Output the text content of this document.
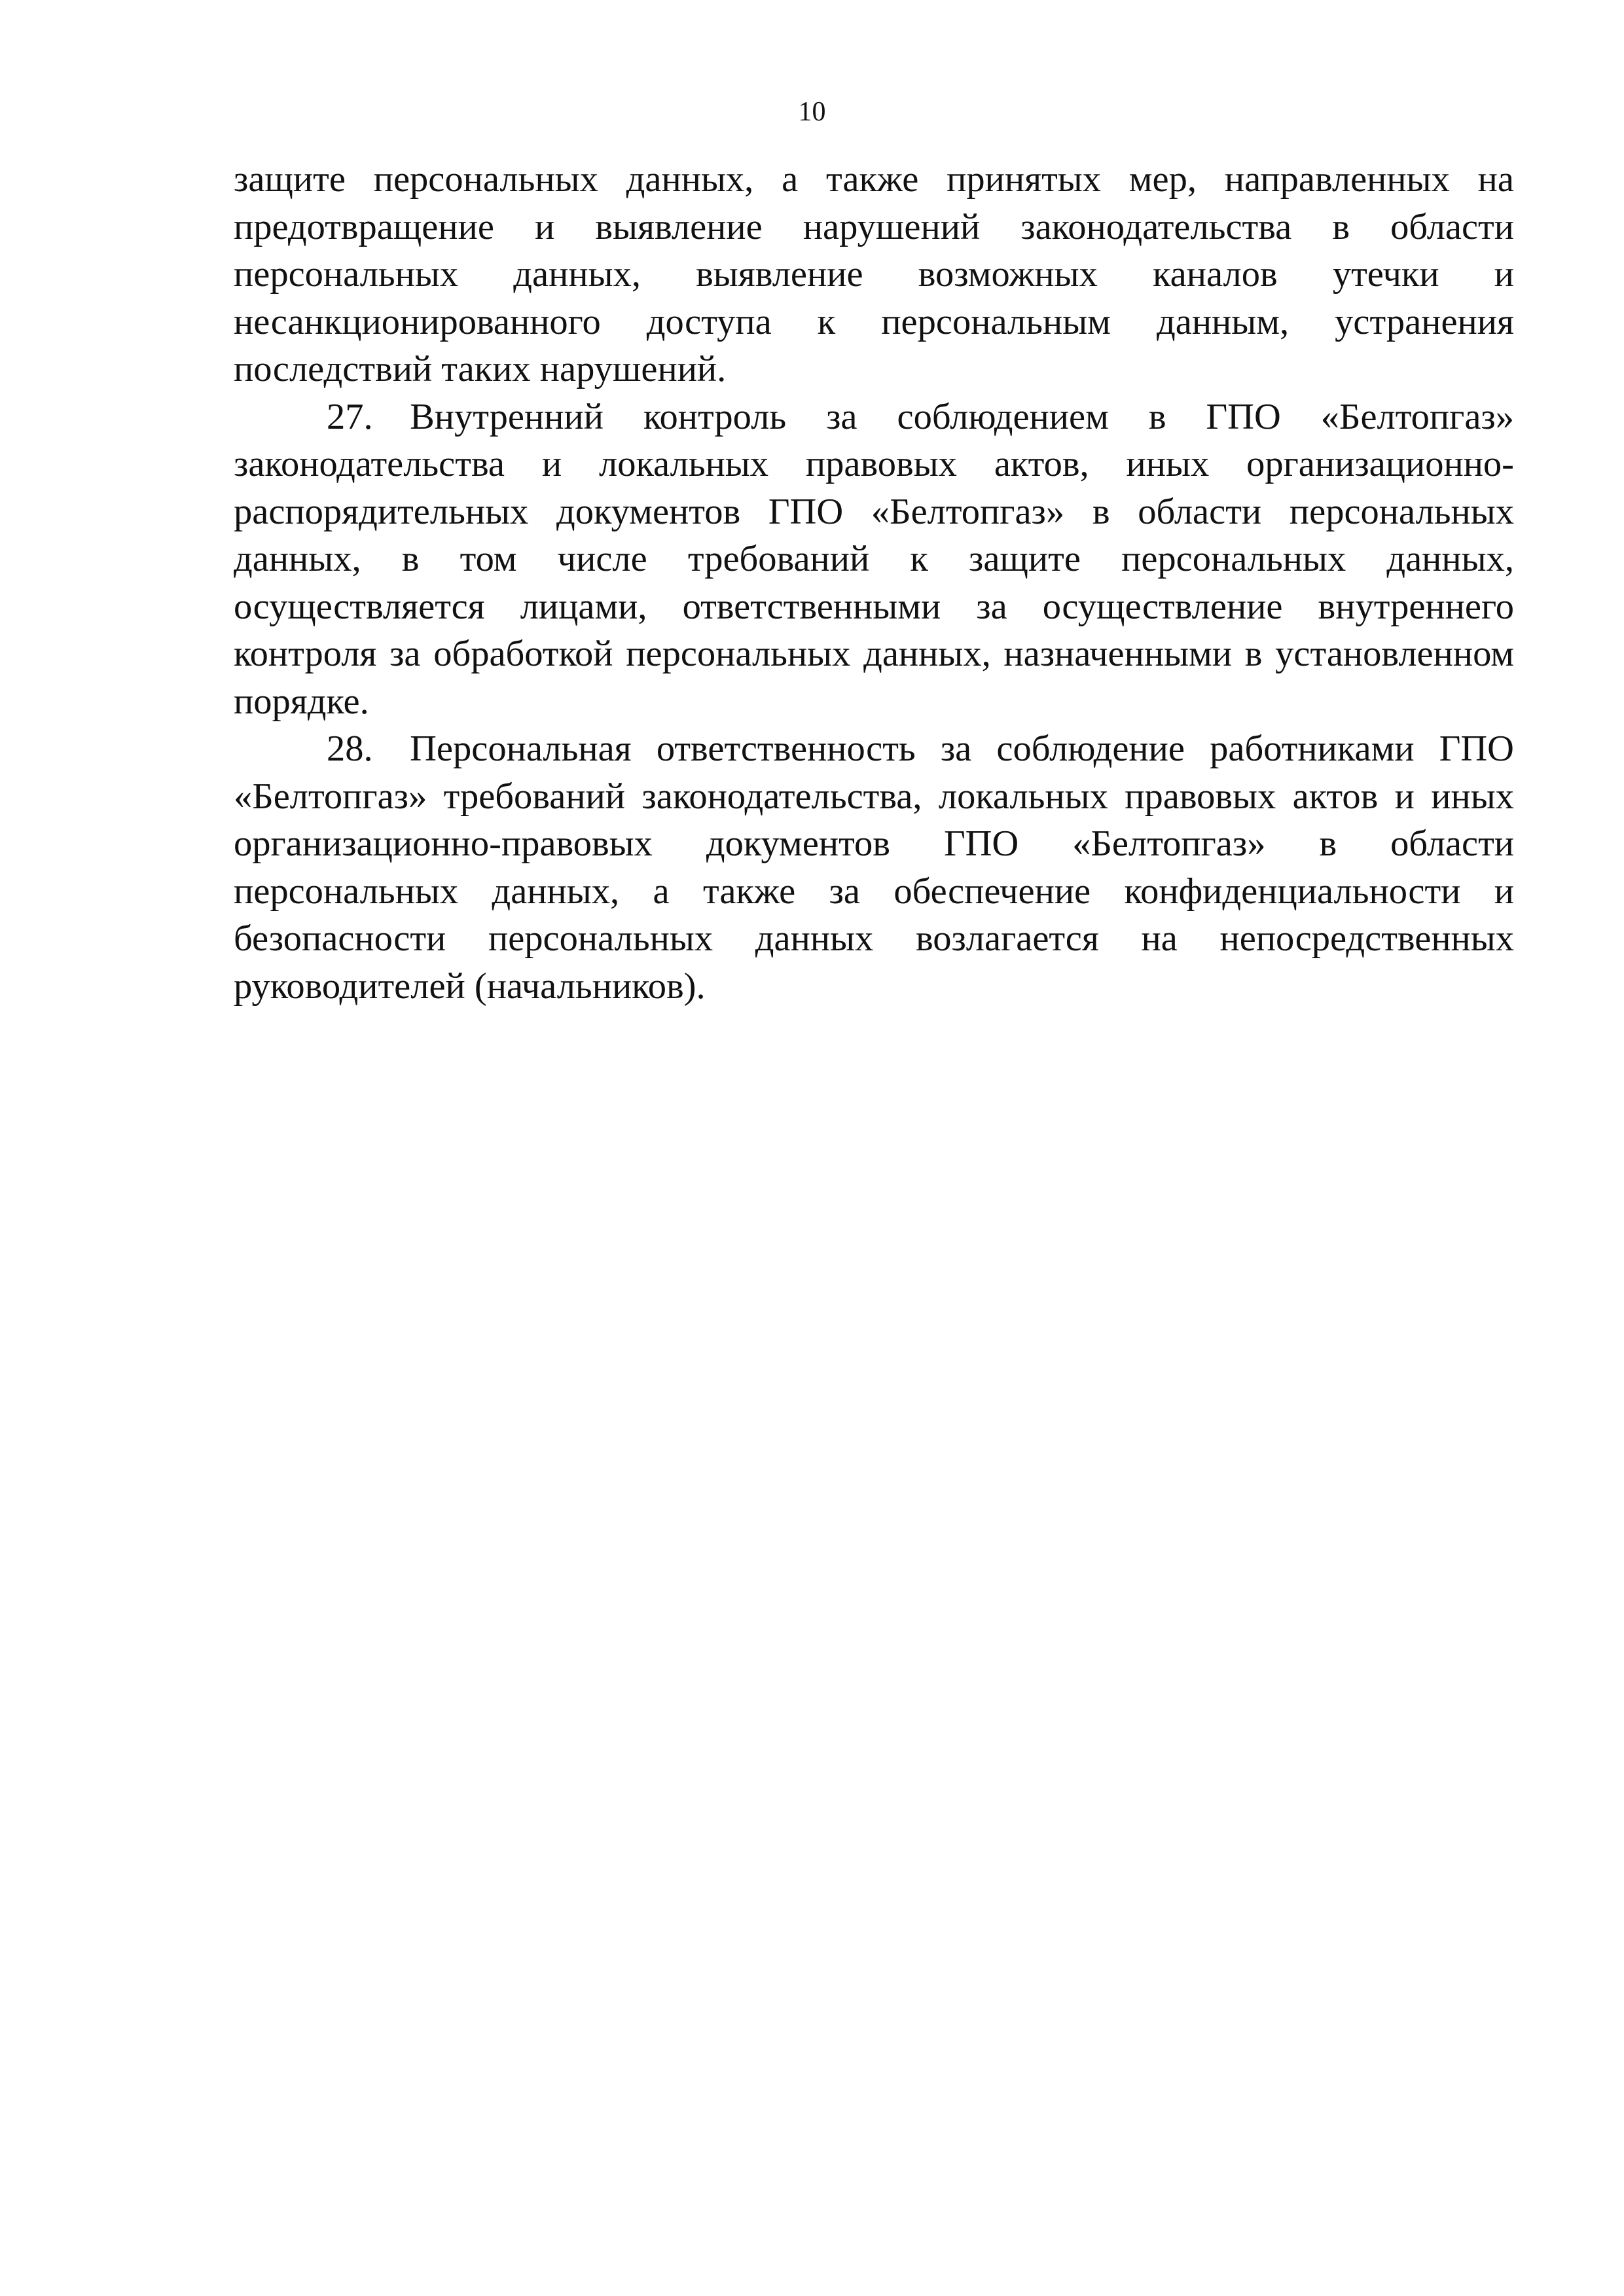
10

защите персональных данных, а также принятых мер, направленных на предотвращение и выявление нарушений законодательства в области персональных данных, выявление возможных каналов утечки и несанкционированного доступа к персональным данным, устранения последствий таких нарушений.

27. Внутренний контроль за соблюдением в ГПО «Белтопгаз» законодательства и локальных правовых актов, иных организационно-распорядительных документов ГПО «Белтопгаз» в области персональных данных, в том числе требований к защите персональных данных, осуществляется лицами, ответственными за осуществление внутреннего контроля за обработкой персональных данных, назначенными в установленном порядке.

28. Персональная ответственность за соблюдение работниками ГПО «Белтопгаз» требований законодательства, локальных правовых актов и иных организационно-правовых документов ГПО «Белтопгаз» в области персональных данных, а также за обеспечение конфиденциальности и безопасности персональных данных возлагается на непосредственных руководителей (начальников).
